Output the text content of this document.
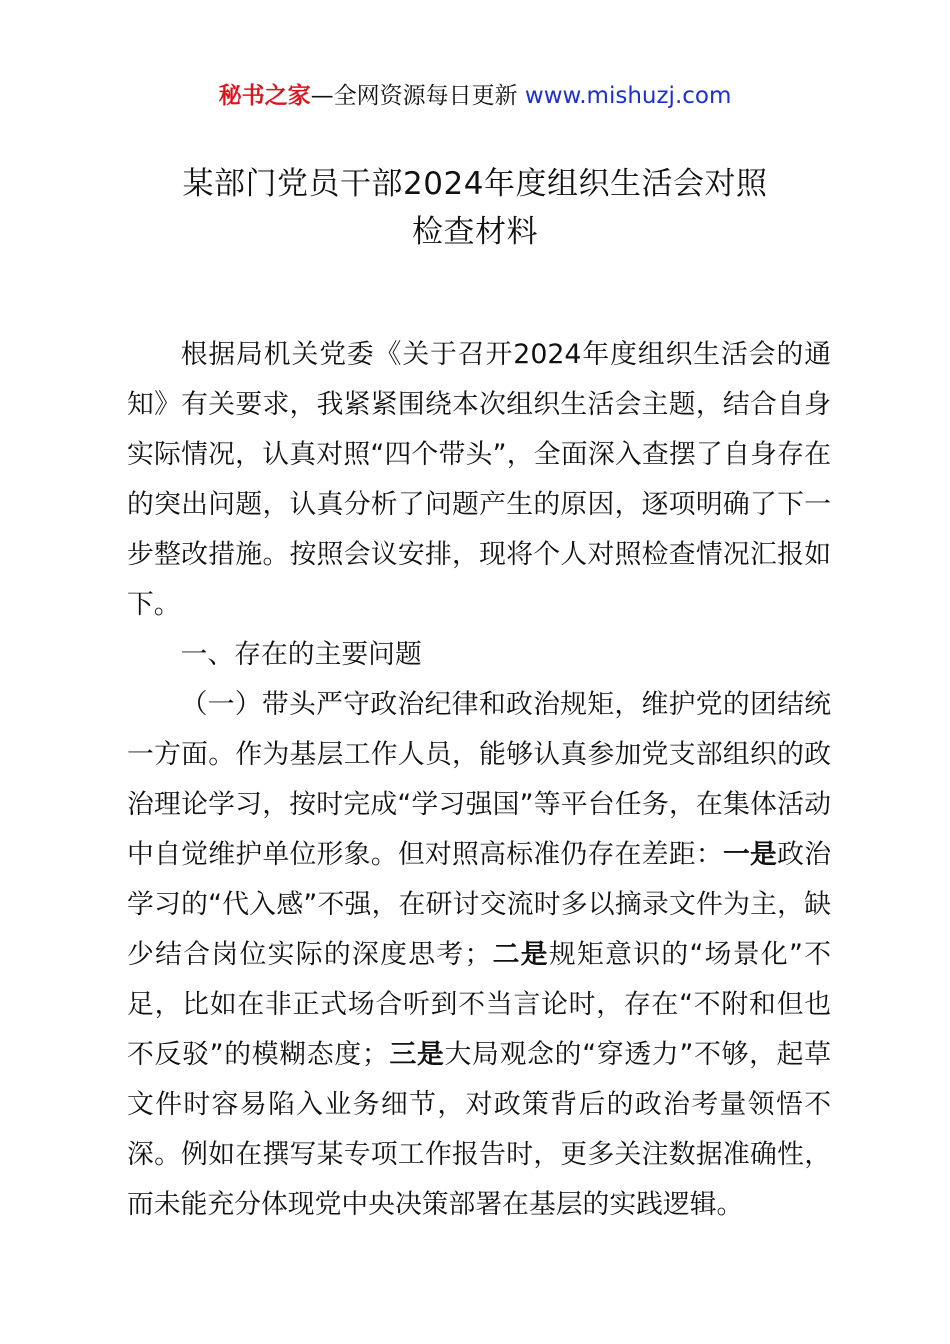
秘书之家—全网资源每日更新 www.mishuzj.com
某部门党员干部2024年度组织生活会对照
检查材料

根据局机关党委《关于召开2024年度组织生活会的通知》有关要求，我紧紧围绕本次组织生活会主题，结合自身实际情况，认真对照“四个带头”，全面深入查摆了自身存在的突出问题，认真分析了问题产生的原因，逐项明确了下一步整改措施。按照会议安排，现将个人对照检查情况汇报如下。

一、存在的主要问题

（一）带头严守政治纪律和政治规矩，维护党的团结统一方面。作为基层工作人员，能够认真参加党支部组织的政治理论学习，按时完成“学习强国”等平台任务，在集体活动中自觉维护单位形象。但对照高标准仍存在差距：一是政治学习的“代入感”不强，在研讨交流时多以摘录文件为主，缺少结合岗位实际的深度思考；二是规矩意识的“场景化”不足，比如在非正式场合听到不当言论时，存在“不附和但也不反驳”的模糊态度；三是大局观念的“穿透力”不够，起草文件时容易陷入业务细节，对政策背后的政治考量领悟不深。例如在撰写某专项工作报告时，更多关注数据准确性，而未能充分体现党中央决策部署在基层的实践逻辑。
